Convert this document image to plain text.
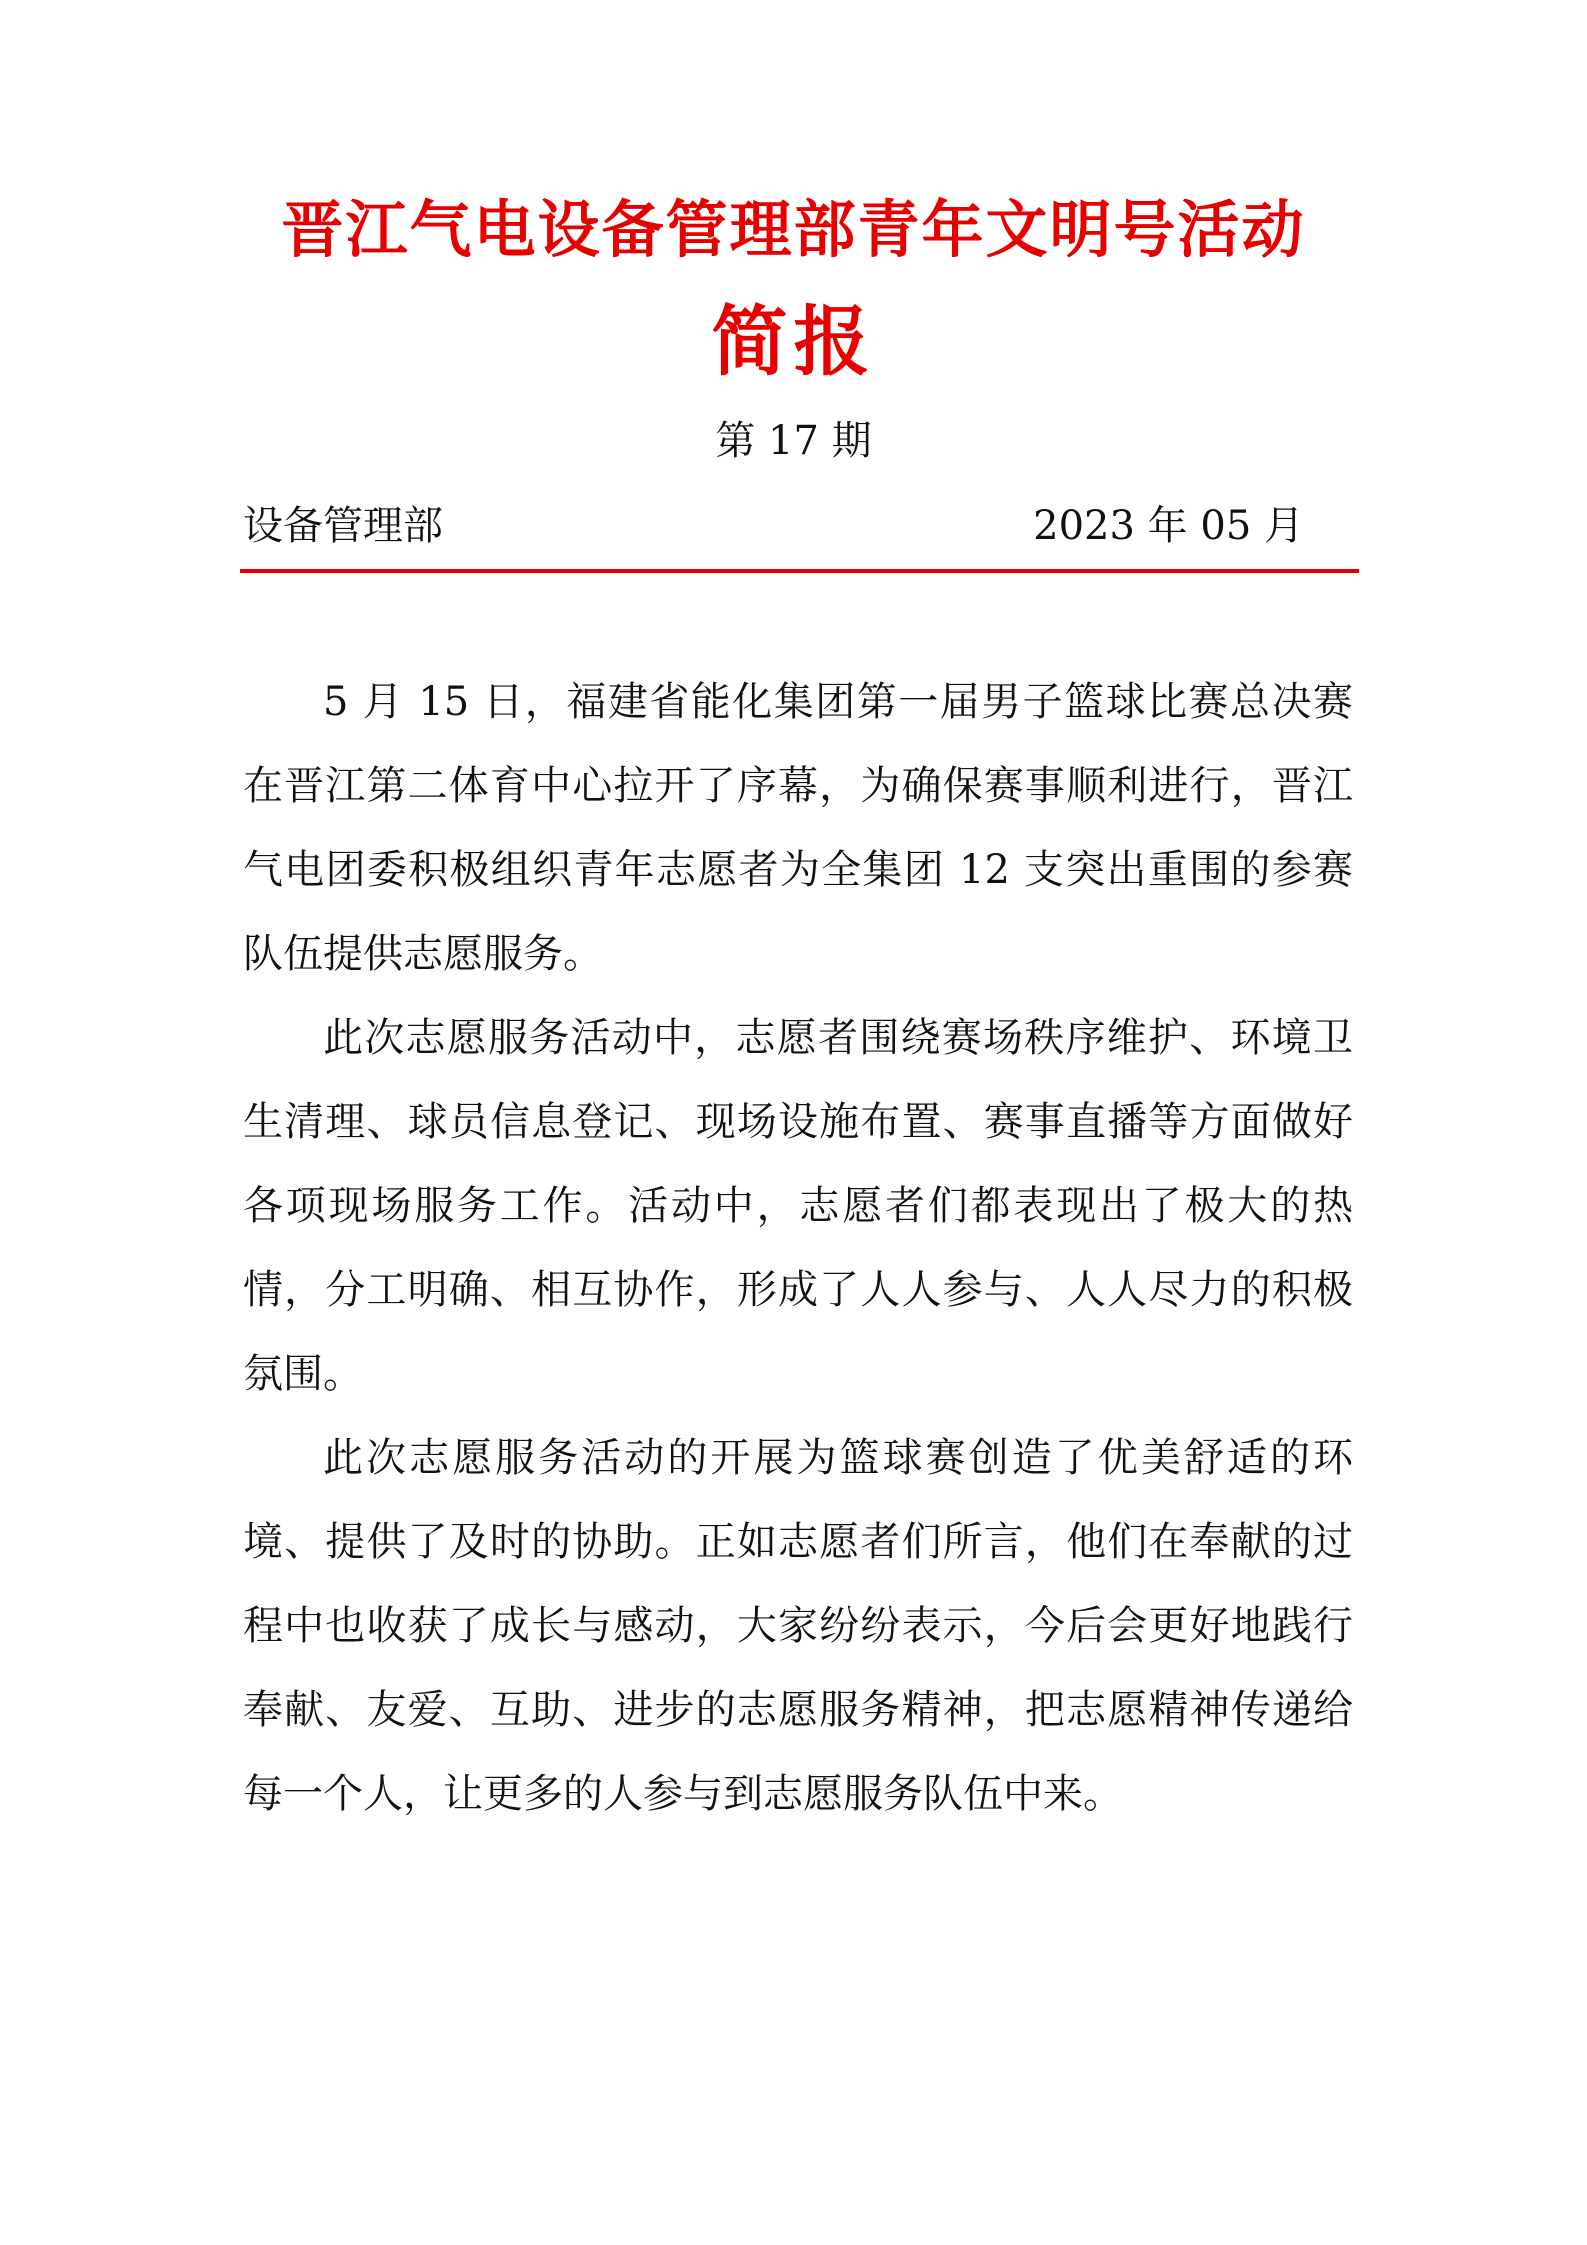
晋江气电设备管理部青年文明号活动
简报
第 17 期
设备管理部	2023 年 05 月

5 月 15 日，福建省能化集团第一届男子篮球比赛总决赛在晋江第二体育中心拉开了序幕，为确保赛事顺利进行，晋江气电团委积极组织青年志愿者为全集团 12 支突出重围的参赛队伍提供志愿服务。

此次志愿服务活动中，志愿者围绕赛场秩序维护、环境卫生清理、球员信息登记、现场设施布置、赛事直播等方面做好各项现场服务工作。活动中，志愿者们都表现出了极大的热情，分工明确、相互协作，形成了人人参与、人人尽力的积极氛围。

此次志愿服务活动的开展为篮球赛创造了优美舒适的环境、提供了及时的协助。正如志愿者们所言，他们在奉献的过程中也收获了成长与感动，大家纷纷表示，今后会更好地践行奉献、友爱、互助、进步的志愿服务精神，把志愿精神传递给每一个人，让更多的人参与到志愿服务队伍中来。
